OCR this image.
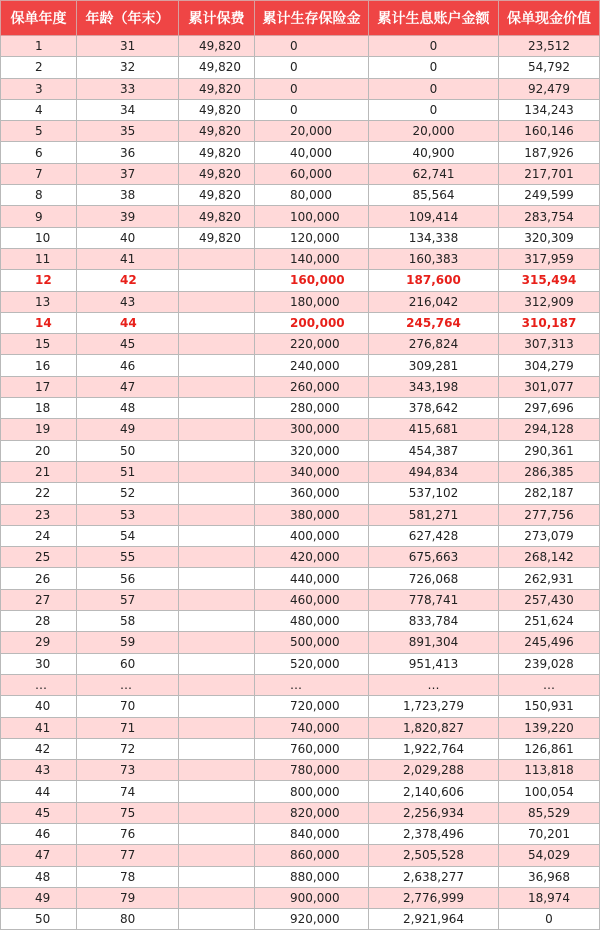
保单年度	年龄（年末）	累计保费	累计生存保险金	累计生息账户金额	保单现金价值
1	31	49,820	0	0	23,512
2	32	49,820	0	0	54,792
3	33	49,820	0	0	92,479
4	34	49,820	0	0	134,243
5	35	49,820	20,000	20,000	160,146
6	36	49,820	40,000	40,900	187,926
7	37	49,820	60,000	62,741	217,701
8	38	49,820	80,000	85,564	249,599
9	39	49,820	100,000	109,414	283,754
10	40	49,820	120,000	134,338	320,309
11	41		140,000	160,383	317,959
12	42		160,000	187,600	315,494
13	43		180,000	216,042	312,909
14	44		200,000	245,764	310,187
15	45		220,000	276,824	307,313
16	46		240,000	309,281	304,279
17	47		260,000	343,198	301,077
18	48		280,000	378,642	297,696
19	49		300,000	415,681	294,128
20	50		320,000	454,387	290,361
21	51		340,000	494,834	286,385
22	52		360,000	537,102	282,187
23	53		380,000	581,271	277,756
24	54		400,000	627,428	273,079
25	55		420,000	675,663	268,142
26	56		440,000	726,068	262,931
27	57		460,000	778,741	257,430
28	58		480,000	833,784	251,624
29	59		500,000	891,304	245,496
30	60		520,000	951,413	239,028
…	…		…	…	…
40	70		720,000	1,723,279	150,931
41	71		740,000	1,820,827	139,220
42	72		760,000	1,922,764	126,861
43	73		780,000	2,029,288	113,818
44	74		800,000	2,140,606	100,054
45	75		820,000	2,256,934	85,529
46	76		840,000	2,378,496	70,201
47	77		860,000	2,505,528	54,029
48	78		880,000	2,638,277	36,968
49	79		900,000	2,776,999	18,974
50	80		920,000	2,921,964	0
